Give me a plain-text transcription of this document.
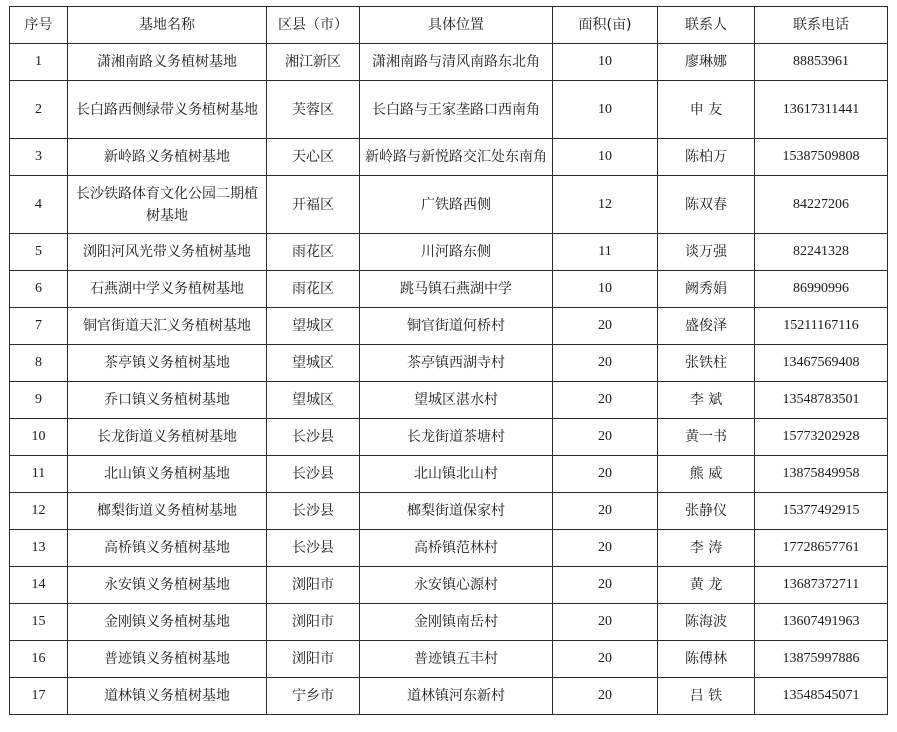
序号	基地名称	区县（市）	具体位置	面积(亩)	联系人	联系电话
1	潇湘南路义务植树基地	湘江新区	潇湘南路与清风南路东北角	10	廖琳娜	88853961
2	长白路西侧绿带义务植树基地	芙蓉区	长白路与王家垄路口西南角	10	申 友	13617311441
3	新岭路义务植树基地	天心区	新岭路与新悦路交汇处东南角	10	陈柏万	15387509808
4	长沙铁路体育文化公园二期植树基地	开福区	广铁路西侧	12	陈双春	84227206
5	浏阳河风光带义务植树基地	雨花区	川河路东侧	11	谈万强	82241328
6	石燕湖中学义务植树基地	雨花区	跳马镇石燕湖中学	10	阙秀娟	86990996
7	铜官街道天汇义务植树基地	望城区	铜官街道何桥村	20	盛俊泽	15211167116
8	茶亭镇义务植树基地	望城区	茶亭镇西湖寺村	20	张铁柱	13467569408
9	乔口镇义务植树基地	望城区	望城区湛水村	20	李 斌	13548783501
10	长龙街道义务植树基地	长沙县	长龙街道茶塘村	20	黄一书	15773202928
11	北山镇义务植树基地	长沙县	北山镇北山村	20	熊 威	13875849958
12	榔梨街道义务植树基地	长沙县	榔梨街道保家村	20	张静仪	15377492915
13	高桥镇义务植树基地	长沙县	高桥镇范林村	20	李 涛	17728657761
14	永安镇义务植树基地	浏阳市	永安镇心源村	20	黄 龙	13687372711
15	金刚镇义务植树基地	浏阳市	金刚镇南岳村	20	陈海波	13607491963
16	普迹镇义务植树基地	浏阳市	普迹镇五丰村	20	陈傅林	13875997886
17	道林镇义务植树基地	宁乡市	道林镇河东新村	20	吕 铁	13548545071
